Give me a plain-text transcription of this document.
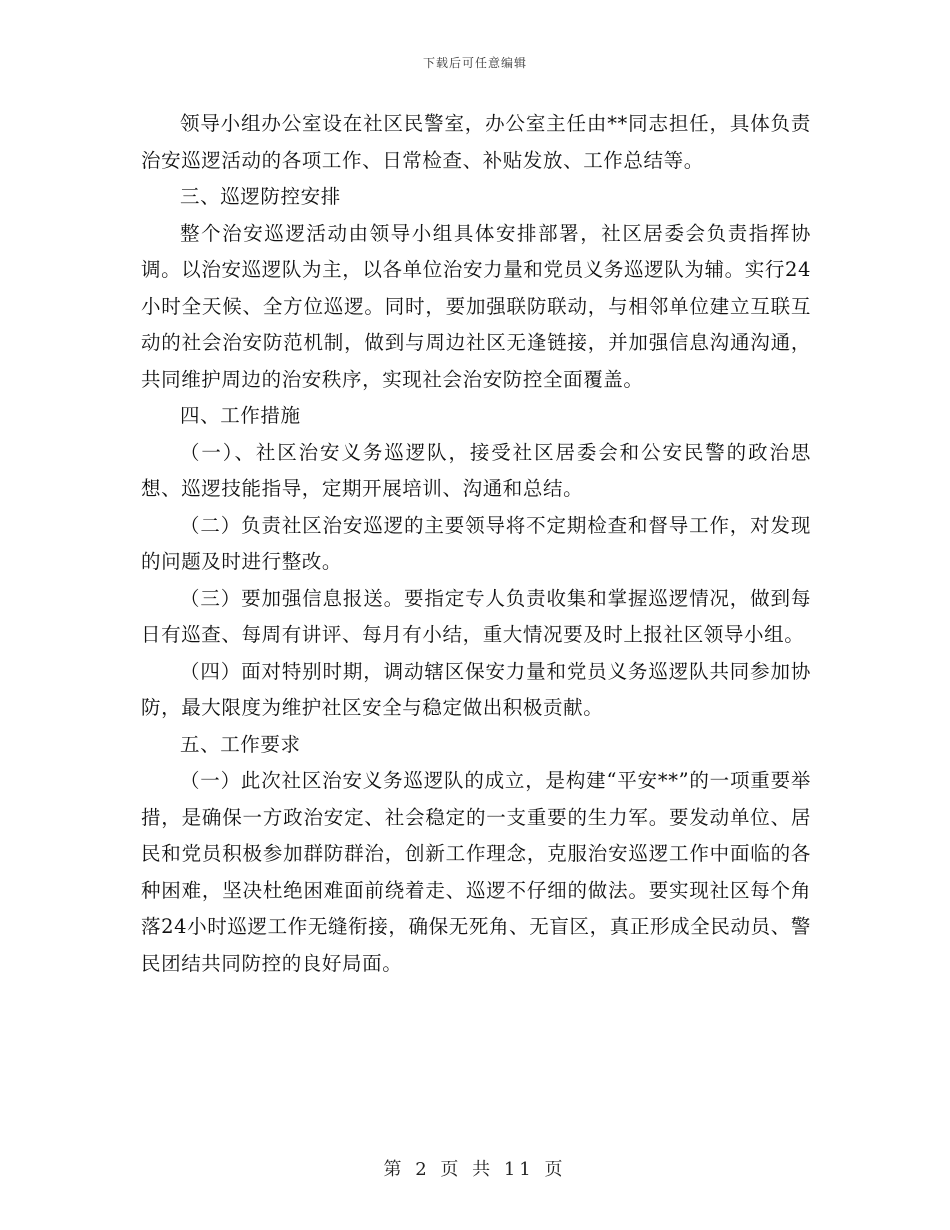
下载后可任意编辑

领导小组办公室设在社区民警室，办公室主任由**同志担任，具体负责治安巡逻活动的各项工作、日常检查、补贴发放、工作总结等。

三、巡逻防控安排

整个治安巡逻活动由领导小组具体安排部署，社区居委会负责指挥协调。以治安巡逻队为主，以各单位治安力量和党员义务巡逻队为辅。实行24小时全天候、全方位巡逻。同时，要加强联防联动，与相邻单位建立互联互动的社会治安防范机制，做到与周边社区无逢链接，并加强信息沟通沟通，共同维护周边的治安秩序，实现社会治安防控全面覆盖。

四、工作措施

（一）、社区治安义务巡逻队，接受社区居委会和公安民警的政治思想、巡逻技能指导，定期开展培训、沟通和总结。

（二）负责社区治安巡逻的主要领导将不定期检查和督导工作，对发现的问题及时进行整改。

（三）要加强信息报送。要指定专人负责收集和掌握巡逻情况，做到每日有巡查、每周有讲评、每月有小结，重大情况要及时上报社区领导小组。

（四）面对特别时期，调动辖区保安力量和党员义务巡逻队共同参加协防，最大限度为维护社区安全与稳定做出积极贡献。

五、工作要求

（一）此次社区治安义务巡逻队的成立，是构建“平安**”的一项重要举措，是确保一方政治安定、社会稳定的一支重要的生力军。要发动单位、居民和党员积极参加群防群治，创新工作理念，克服治安巡逻工作中面临的各种困难，坚决杜绝困难面前绕着走、巡逻不仔细的做法。要实现社区每个角落24小时巡逻工作无缝衔接，确保无死角、无盲区，真正形成全民动员、警民团结共同防控的良好局面。

第 2 页 共 11 页
